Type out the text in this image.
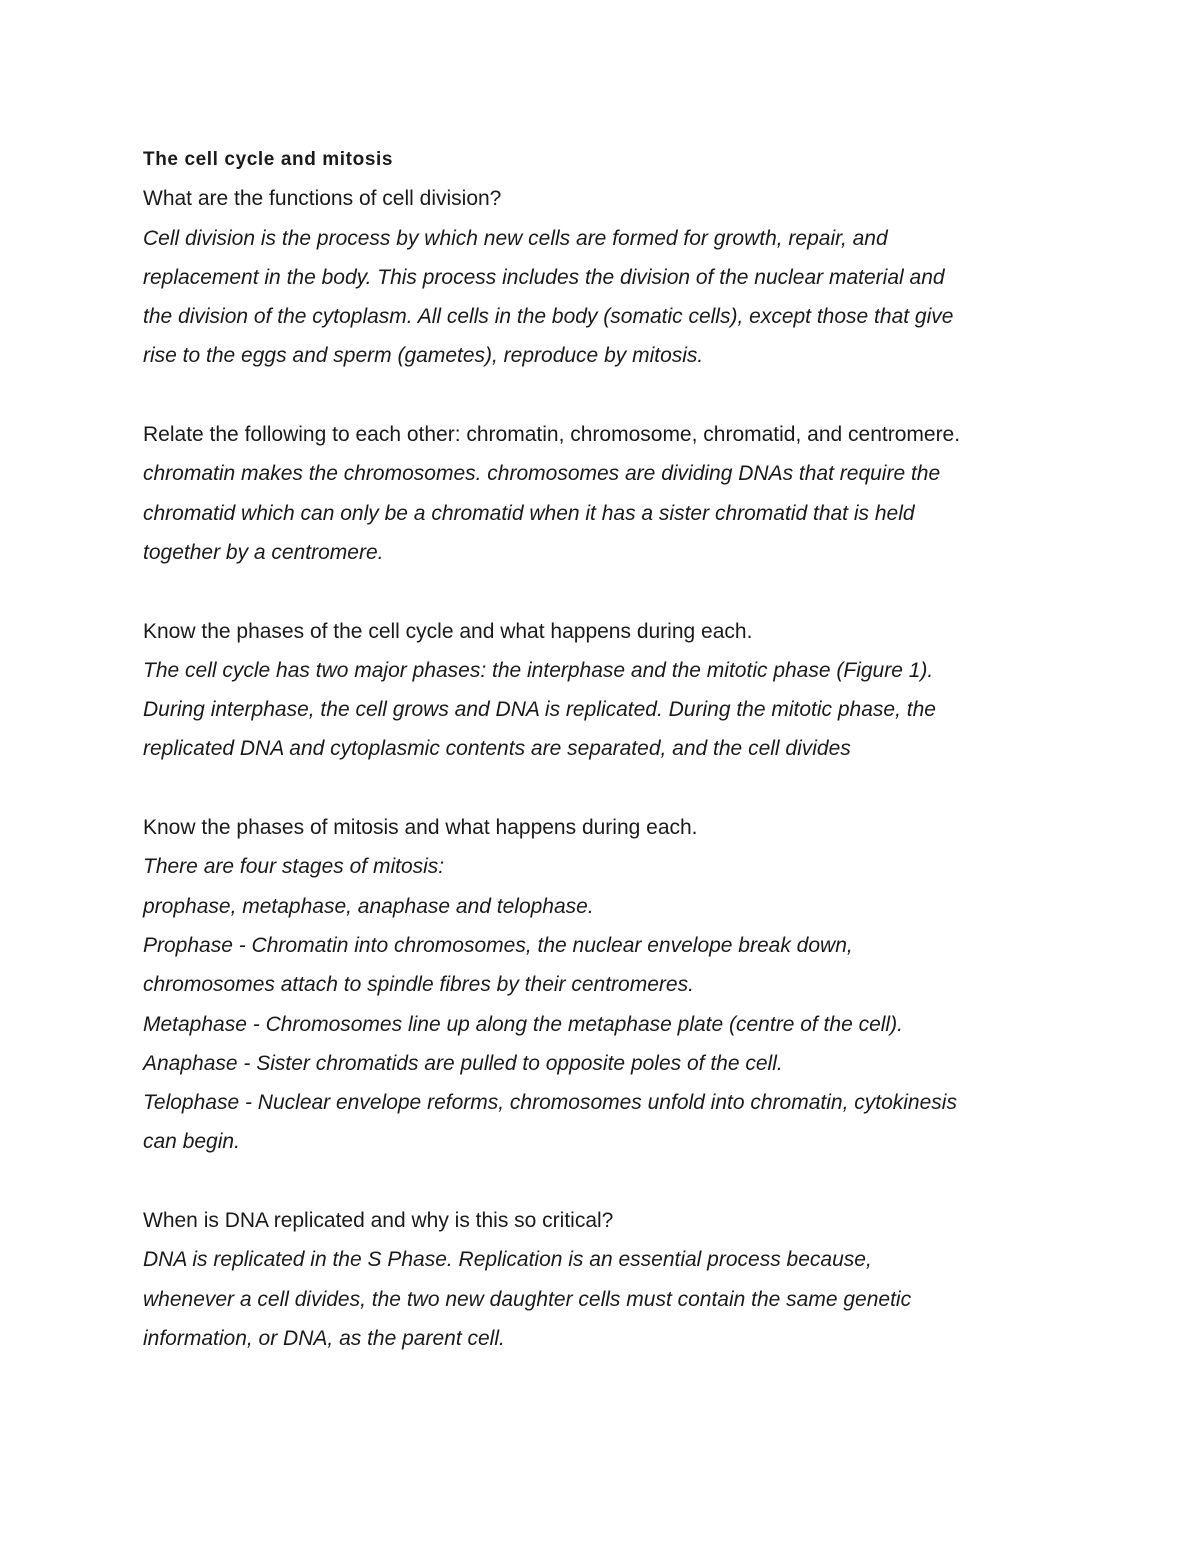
The cell cycle and mitosis
What are the functions of cell division?
Cell division is the process by which new cells are formed for growth, repair, and
replacement in the body. This process includes the division of the nuclear material and
the division of the cytoplasm. All cells in the body (somatic cells), except those that give
rise to the eggs and sperm (gametes), reproduce by mitosis.
Relate the following to each other: chromatin, chromosome, chromatid, and centromere.
chromatin makes the chromosomes. chromosomes are dividing DNAs that require the
chromatid which can only be a chromatid when it has a sister chromatid that is held
together by a centromere.
Know the phases of the cell cycle and what happens during each.
The cell cycle has two major phases: the interphase and the mitotic phase (Figure 1).
During interphase, the cell grows and DNA is replicated. During the mitotic phase, the
replicated DNA and cytoplasmic contents are separated, and the cell divides
Know the phases of mitosis and what happens during each.
There are four stages of mitosis:
prophase, metaphase, anaphase and telophase.
Prophase - Chromatin into chromosomes, the nuclear envelope break down,
chromosomes attach to spindle fibres by their centromeres.
Metaphase - Chromosomes line up along the metaphase plate (centre of the cell).
Anaphase - Sister chromatids are pulled to opposite poles of the cell.
Telophase - Nuclear envelope reforms, chromosomes unfold into chromatin, cytokinesis
can begin.
When is DNA replicated and why is this so critical?
DNA is replicated in the S Phase. Replication is an essential process because,
whenever a cell divides, the two new daughter cells must contain the same genetic
information, or DNA, as the parent cell.
